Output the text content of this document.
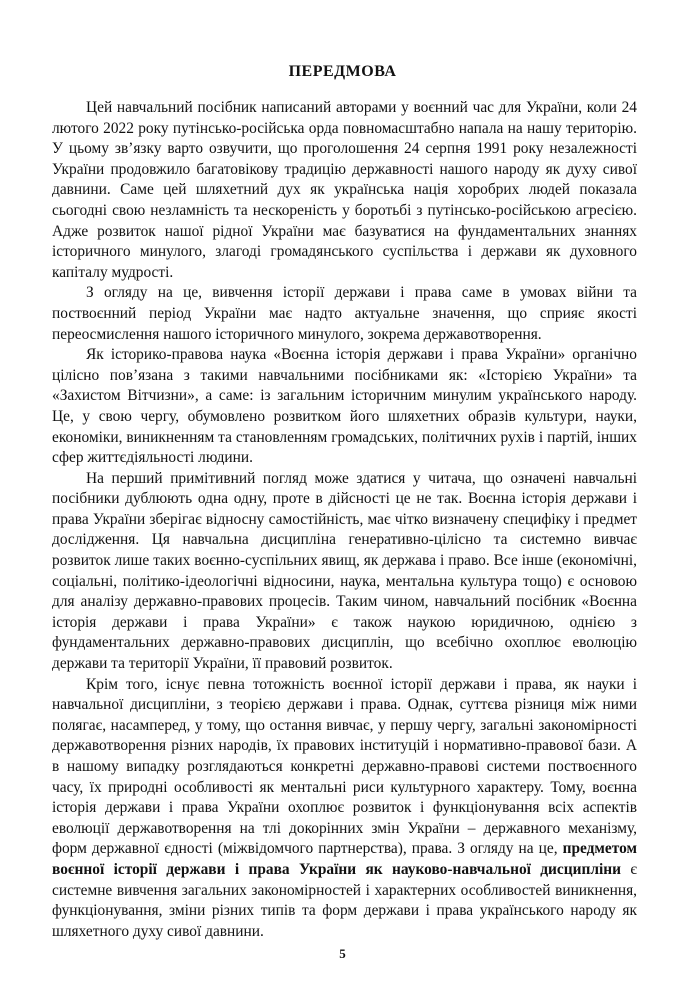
ПЕРЕДМОВА

Цей навчальний посібник написаний авторами у воєнний час для України, коли 24 лютого 2022 року путінсько-російська орда повномасштабно напала на нашу територію. У цьому зв’язку варто озвучити, що проголошення 24 серпня 1991 року незалежності України продовжило багатовікову традицію державності нашого народу як духу сивої давнини. Саме цей шляхетний дух як українська нація хоробрих людей показала сьогодні свою незламність та нескореність у боротьбі з путінсько-російською агресією. Адже розвиток нашої рідної України має базуватися на фундаментальних знаннях історичного минулого, злагоді громадянського суспільства і держави як духовного капіталу мудрості.

З огляду на це, вивчення історії держави і права саме в умовах війни та поствоєнний період України має надто актуальне значення, що сприяє якості переосмислення нашого історичного минулого, зокрема державотворення.

Як історико-правова наука «Воєнна історія держави і права України» органічно цілісно пов’язана з такими навчальними посібниками як: «Історією України» та «Захистом Вітчизни», а саме: із загальним історичним минулим українського народу. Це, у свою чергу, обумовлено розвитком його шляхетних образів культури, науки, економіки, виникненням та становленням громадських, політичних рухів і партій, інших сфер життєдіяльності людини.

На перший примітивний погляд може здатися у читача, що означені навчальні посібники дублюють одна одну, проте в дійсності це не так. Воєнна історія держави і права України зберігає відносну самостійність, має чітко визначену специфіку і предмет дослідження. Ця навчальна дисципліна генеративно-цілісно та системно вивчає розвиток лише таких воєнно-суспільних явищ, як держава і право. Все інше (економічні, соціальні, політико-ідеологічні відносини, наука, ментальна культура тощо) є основою для аналізу державно-правових процесів. Таким чином, навчальний посібник «Воєнна історія держави і права України» є також наукою юридичною, однією з фундаментальних державно-правових дисциплін, що всебічно охоплює еволюцію держави та території України, її правовий розвиток.

Крім того, існує певна тотожність воєнної історії держави і права, як науки і навчальної дисципліни, з теорією держави і права. Однак, суттєва різниця між ними полягає, насамперед, у тому, що остання вивчає, у першу чергу, загальні закономірності державотворення різних народів, їх правових інституцій і нормативно-правової бази. А в нашому випадку розглядаються конкретні державно-правові системи поствоєнного часу, їх природні особливості як ментальні риси культурного характеру. Тому, воєнна історія держави і права України охоплює розвиток і функціонування всіх аспектів еволюції державотворення на тлі докорінних змін України – державного механізму, форм державної єдності (міжвідомчого партнерства), права. З огляду на це, предметом воєнної історії держави і права України як науково-навчальної дисципліни є системне вивчення загальних закономірностей і характерних особливостей виникнення, функціонування, зміни різних типів та форм держави і права українського народу як шляхетного духу сивої давнини.

5
